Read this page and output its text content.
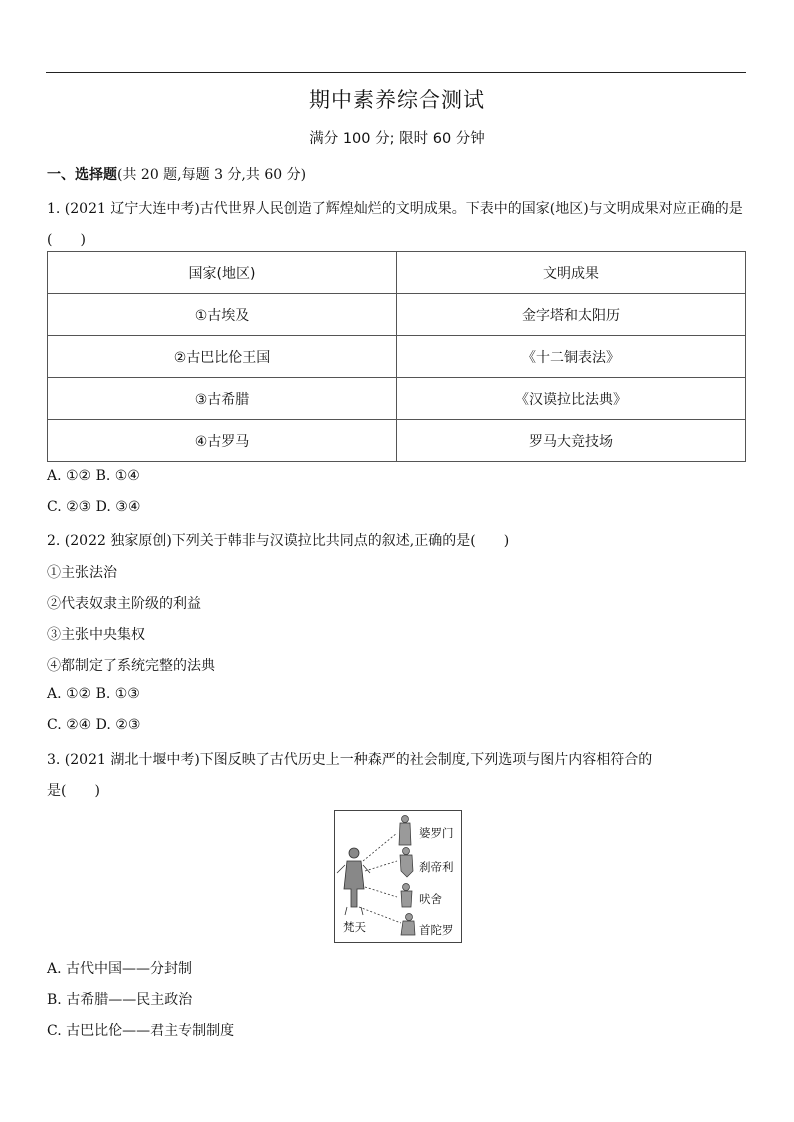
期中素养综合测试
满分 100 分; 限时 60 分钟
一、选择题(共 20 题,每题 3 分,共 60 分)
1. (2021 辽宁大连中考)古代世界人民创造了辉煌灿烂的文明成果。下表中的国家(地区)与文明成果对应正确的是(　　)
国家(地区)	文明成果
①古埃及	金字塔和太阳历
②古巴比伦王国	《十二铜表法》
③古希腊	《汉谟拉比法典》
④古罗马	罗马大竞技场
A. ①② B. ①④
C. ②③ D. ③④
2. (2022 独家原创)下列关于韩非与汉谟拉比共同点的叙述,正确的是(　　)
①主张法治
②代表奴隶主阶级的利益
③主张中央集权
④都制定了系统完整的法典
A. ①② B. ①③
C. ②④ D. ②③
3. (2021 湖北十堰中考)下图反映了古代历史上一种森严的社会制度,下列选项与图片内容相符合的
是(　　)
婆罗门
刹帝利
吠舍
首陀罗
梵天
A. 古代中国——分封制
B. 古希腊——民主政治
C. 古巴比伦——君主专制制度
